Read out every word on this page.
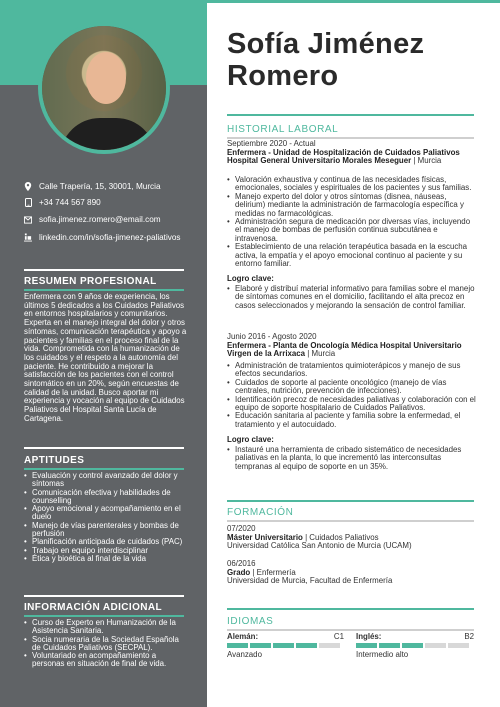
Calle Trapería, 15, 30001, Murcia
+34 744 567 890
sofia.jimenez.romero@email.com
linkedin.com/in/sofia-jimenez-paliativos
RESUMEN PROFESIONAL
Enfermera con 9 años de experiencia, los últimos 5 dedicados a los Cuidados Paliativos en entornos hospitalarios y comunitarios. Experta en el manejo integral del dolor y otros síntomas, comunicación terapéutica y apoyo a pacientes y familias en el proceso final de la vida. Comprometida con la humanización de los cuidados y el respeto a la autonomía del paciente. He contribuido a mejorar la satisfacción de los pacientes con el control sintomático en un 20%, según encuestas de calidad de la unidad. Busco aportar mi experiencia y vocación al equipo de Cuidados Paliativos del Hospital Santa Lucía de Cartagena.
APTITUDES
• Evaluación y control avanzado del dolor y síntomas
• Comunicación efectiva y habilidades de counselling
• Apoyo emocional y acompañamiento en el duelo
• Manejo de vías parenterales y bombas de perfusión
• Planificación anticipada de cuidados (PAC)
• Trabajo en equipo interdisciplinar
• Ética y bioética al final de la vida
INFORMACIÓN ADICIONAL
• Curso de Experto en Humanización de la Asistencia Sanitaria.
• Socia numeraria de la Sociedad Española de Cuidados Paliativos (SECPAL).
• Voluntariado en acompañamiento a personas en situación de final de vida.
Sofía Jiménez
Romero
HISTORIAL LABORAL
Septiembre 2020 - Actual
Enfermera - Unidad de Hospitalización de Cuidados Paliativos Hospital General Universitario Morales Meseguer | Murcia
• Valoración exhaustiva y continua de las necesidades físicas, emocionales, sociales y espirituales de los pacientes y sus familias.
• Manejo experto del dolor y otros síntomas (disnea, náuseas, delirium) mediante la administración de farmacología específica y medidas no farmacológicas.
• Administración segura de medicación por diversas vías, incluyendo el manejo de bombas de perfusión continua subcutánea e intravenosa.
• Establecimiento de una relación terapéutica basada en la escucha activa, la empatía y el apoyo emocional continuo al paciente y su entorno familiar.
Logro clave:
• Elaboré y distribuí material informativo para familias sobre el manejo de síntomas comunes en el domicilio, facilitando el alta precoz en casos seleccionados y mejorando la sensación de control familiar.
Junio 2016 - Agosto 2020
Enfermera - Planta de Oncología Médica Hospital Universitario Virgen de la Arrixaca | Murcia
• Administración de tratamientos quimioterápicos y manejo de sus efectos secundarios.
• Cuidados de soporte al paciente oncológico (manejo de vías centrales, nutrición, prevención de infecciones).
• Identificación precoz de necesidades paliativas y colaboración con el equipo de soporte hospitalario de Cuidados Paliativos.
• Educación sanitaria al paciente y familia sobre la enfermedad, el tratamiento y el autocuidado.
Logro clave:
• Instauré una herramienta de cribado sistemático de necesidades paliativas en la planta, lo que incrementó las interconsultas tempranas al equipo de soporte en un 35%.
FORMACIÓN
07/2020
Máster Universitario | Cuidados Paliativos
Universidad Católica San Antonio de Murcia (UCAM)
06/2016
Grado | Enfermería
Universidad de Murcia, Facultad de Enfermería
IDIOMAS
Alemán:	C1
Avanzado
Inglés:	B2
Intermedio alto
